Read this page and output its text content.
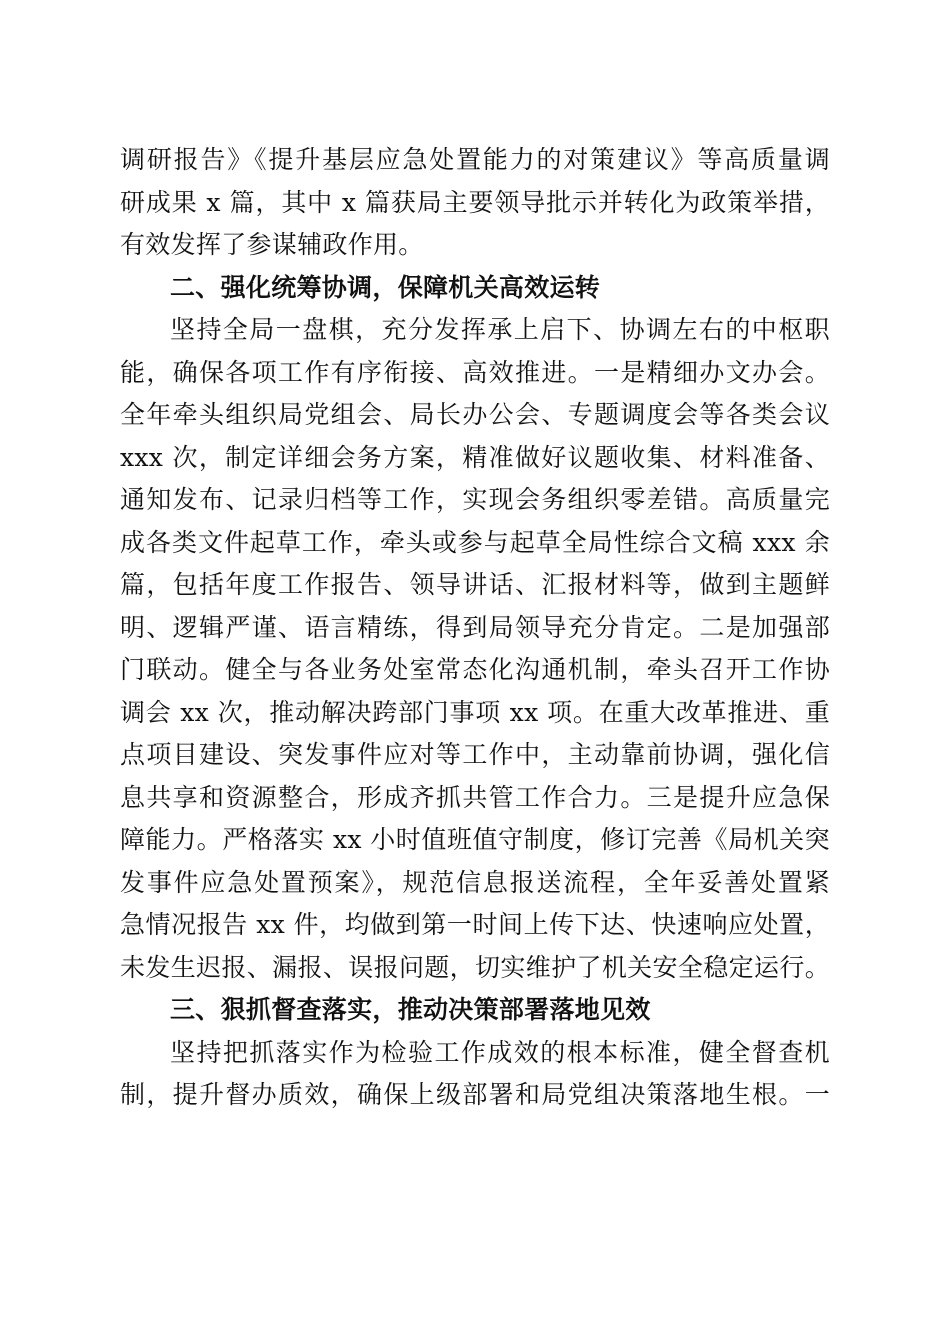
调研报告》《提升基层应急处置能力的对策建议》等高质量调
研成果 x 篇，其中 x 篇获局主要领导批示并转化为政策举措，
有效发挥了参谋辅政作用。
二、强化统筹协调，保障机关高效运转
坚持全局一盘棋，充分发挥承上启下、协调左右的中枢职
能，确保各项工作有序衔接、高效推进。一是精细办文办会。
全年牵头组织局党组会、局长办公会、专题调度会等各类会议
xxx 次，制定详细会务方案，精准做好议题收集、材料准备、
通知发布、记录归档等工作，实现会务组织零差错。高质量完
成各类文件起草工作，牵头或参与起草全局性综合文稿 xxx 余
篇，包括年度工作报告、领导讲话、汇报材料等，做到主题鲜
明、逻辑严谨、语言精练，得到局领导充分肯定。二是加强部
门联动。健全与各业务处室常态化沟通机制，牵头召开工作协
调会 xx 次，推动解决跨部门事项 xx 项。在重大改革推进、重
点项目建设、突发事件应对等工作中，主动靠前协调，强化信
息共享和资源整合，形成齐抓共管工作合力。三是提升应急保
障能力。严格落实 xx 小时值班值守制度，修订完善《局机关突
发事件应急处置预案》，规范信息报送流程，全年妥善处置紧
急情况报告 xx 件，均做到第一时间上传下达、快速响应处置，
未发生迟报、漏报、误报问题，切实维护了机关安全稳定运行。
三、狠抓督查落实，推动决策部署落地见效
坚持把抓落实作为检验工作成效的根本标准，健全督查机
制，提升督办质效，确保上级部署和局党组决策落地生根。一
